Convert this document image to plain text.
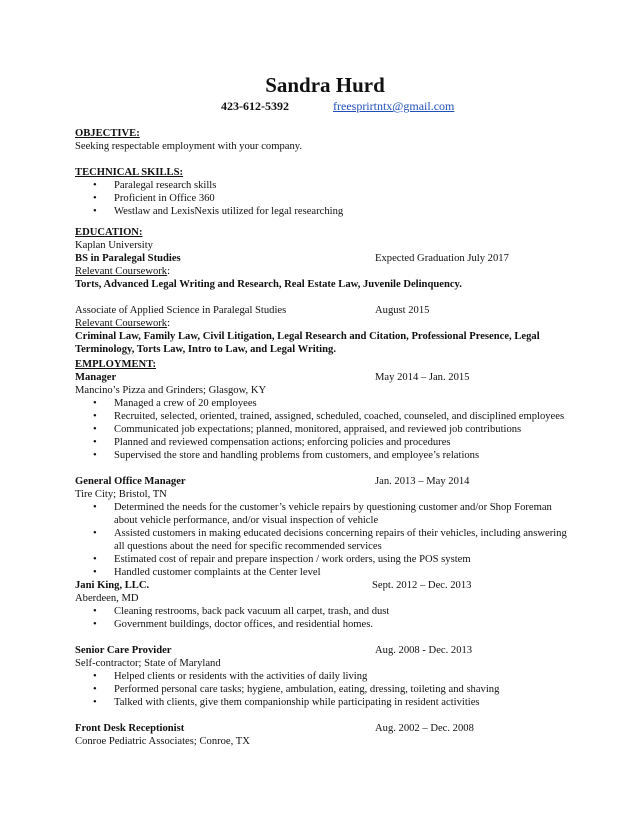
Sandra Hurd
423-612-5392	freesprirtntx@gmail.com
OBJECTIVE:
Seeking respectable employment with your company.
TECHNICAL SKILLS:
• Paralegal research skills
• Proficient in Office 360
• Westlaw and LexisNexis utilized for legal researching
EDUCATION:
Kaplan University
BS in Paralegal Studies	Expected Graduation July 2017
Relevant Coursework:
Torts, Advanced Legal Writing and Research, Real Estate Law, Juvenile Delinquency.
Associate of Applied Science in Paralegal Studies	August 2015
Relevant Coursework:
Criminal Law, Family Law, Civil Litigation, Legal Research and Citation, Professional Presence, Legal Terminology, Torts Law, Intro to Law, and Legal Writing.
EMPLOYMENT:
Manager	May 2014 – Jan. 2015
Mancino’s Pizza and Grinders; Glasgow, KY
• Managed a crew of 20 employees
• Recruited, selected, oriented, trained, assigned, scheduled, coached, counseled, and disciplined employees
• Communicated job expectations; planned, monitored, appraised, and reviewed job contributions
• Planned and reviewed compensation actions; enforcing policies and procedures
• Supervised the store and handling problems from customers, and employee’s relations
General Office Manager	Jan. 2013 – May 2014
Tire City; Bristol, TN
• Determined the needs for the customer’s vehicle repairs by questioning customer and/or Shop Foreman about vehicle performance, and/or visual inspection of vehicle
• Assisted customers in making educated decisions concerning repairs of their vehicles, including answering all questions about the need for specific recommended services
• Estimated cost of repair and prepare inspection / work orders, using the POS system
• Handled customer complaints at the Center level
Jani King, LLC.	Sept. 2012 – Dec. 2013
Aberdeen, MD
• Cleaning restrooms, back pack vacuum all carpet, trash, and dust
• Government buildings, doctor offices, and residential homes.
Senior Care Provider	Aug. 2008 - Dec. 2013
Self-contractor; State of Maryland
• Helped clients or residents with the activities of daily living
• Performed personal care tasks; hygiene, ambulation, eating, dressing, toileting and shaving
• Talked with clients, give them companionship while participating in resident activities
Front Desk Receptionist	Aug. 2002 – Dec. 2008
Conroe Pediatric Associates; Conroe, TX
